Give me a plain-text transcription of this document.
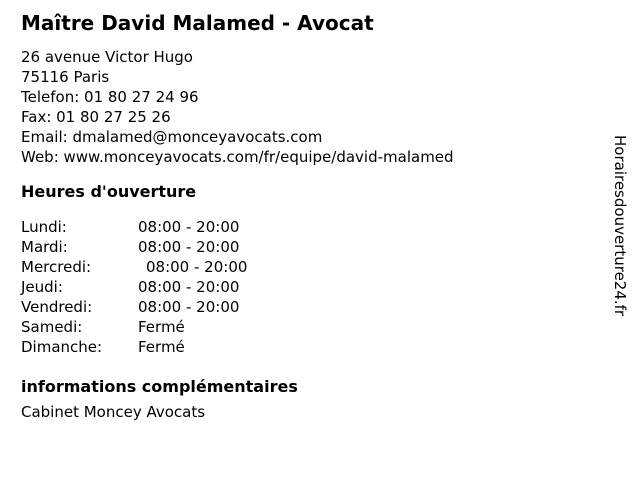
Maître David Malamed - Avocat

26 avenue Victor Hugo

75116 Paris

Telefon: 01 80 27 24 96

Fax: 01 80 27 25 26

Email: dmalamed@monceyavocats.com

Web: www.monceyavocats.com/fr/equipe/david-malamed

Heures d'ouverture
Lundi:	08:00 - 20:00
Mardi:	08:00 - 20:00
Mercredi:	08:00 - 20:00
Jeudi:	08:00 - 20:00
Vendredi:	08:00 - 20:00
Samedi:	Fermé
Dimanche:	Fermé
informations complémentaires

Cabinet Moncey Avocats

Horairesdouverture24.fr
